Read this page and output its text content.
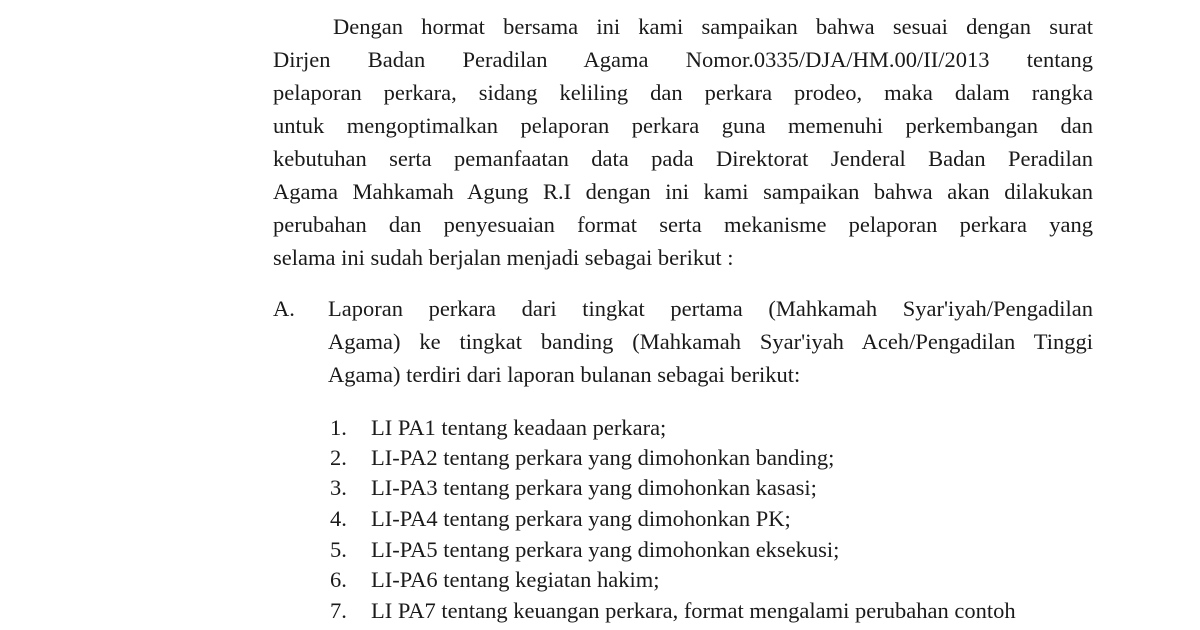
Dengan hormat bersama ini kami sampaikan bahwa sesuai dengan surat
Dirjen Badan Peradilan Agama Nomor.0335/DJA/HM.00/II/2013 tentang
pelaporan perkara, sidang keliling dan perkara prodeo, maka dalam rangka
untuk mengoptimalkan pelaporan perkara guna memenuhi perkembangan dan
kebutuhan serta pemanfaatan data pada Direktorat Jenderal Badan Peradilan
Agama Mahkamah Agung R.I dengan ini kami sampaikan bahwa akan dilakukan
perubahan dan penyesuaian format serta mekanisme pelaporan perkara yang
selama ini sudah berjalan menjadi sebagai berikut :
A. Laporan perkara dari tingkat pertama (Mahkamah Syar'iyah/Pengadilan
Agama) ke tingkat banding (Mahkamah Syar'iyah Aceh/Pengadilan Tinggi
Agama) terdiri dari laporan bulanan sebagai berikut:
1.	LI PA1 tentang keadaan perkara;
2.	LI-PA2 tentang perkara yang dimohonkan banding;
3.	LI-PA3 tentang perkara yang dimohonkan kasasi;
4.	LI-PA4 tentang perkara yang dimohonkan PK;
5.	LI-PA5 tentang perkara yang dimohonkan eksekusi;
6.	LI-PA6 tentang kegiatan hakim;
7.	LI PA7 tentang keuangan perkara, format mengalami perubahan contoh
